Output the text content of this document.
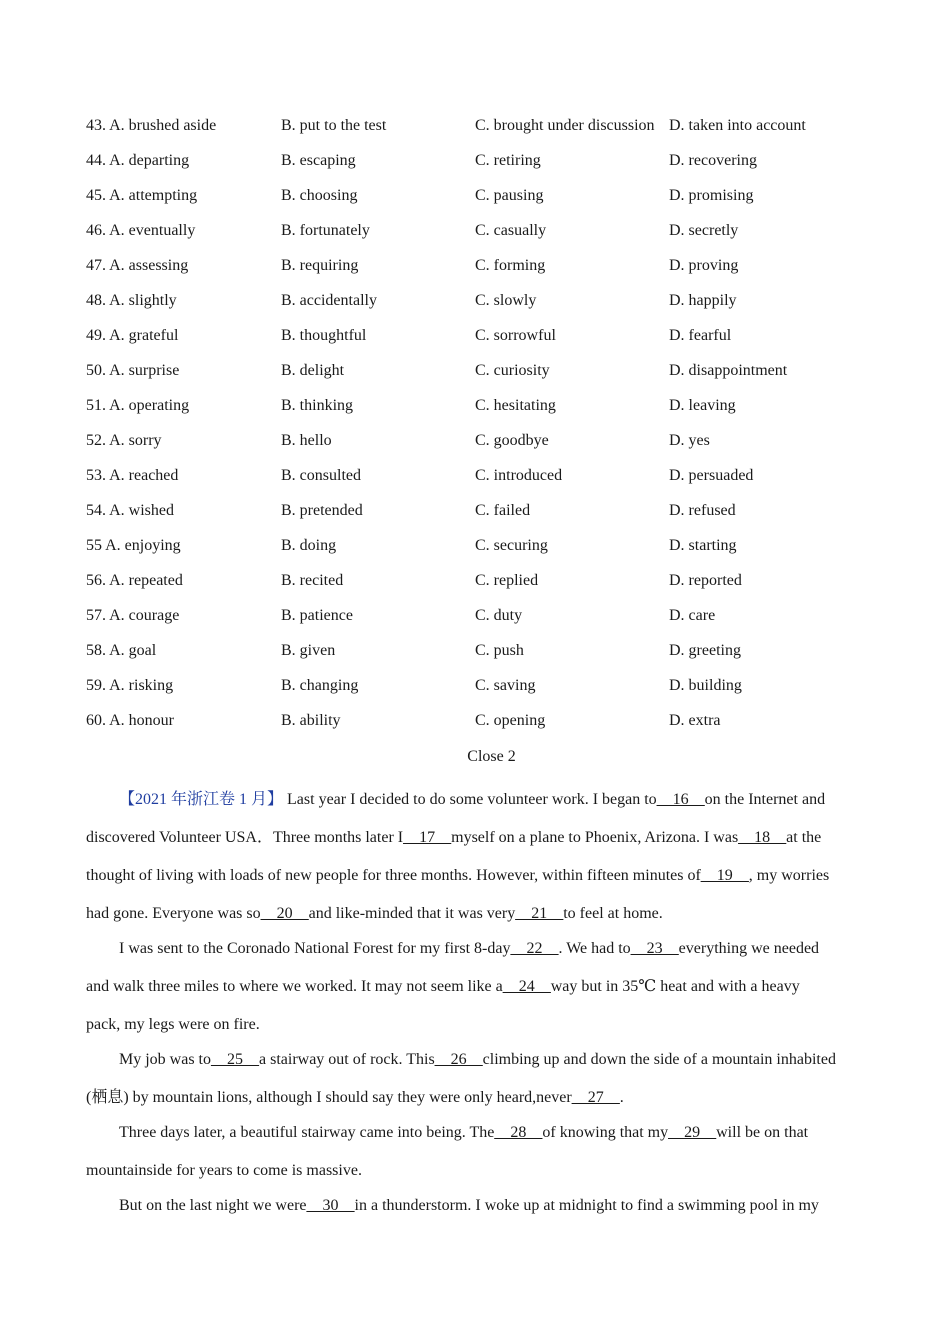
43. A. brushed aside	B. put to the test	C. brought under discussion D. taken into account
44. A. departing	B. escaping	C. retiring	D. recovering
45. A. attempting	B. choosing	C. pausing	D. promising
46. A. eventually	B. fortunately	C. casually	D. secretly
47. A. assessing	B. requiring	C. forming	D. proving
48. A. slightly	B. accidentally	C. slowly	D. happily
49. A. grateful	B. thoughtful	C. sorrowful	D. fearful
50. A. surprise	B. delight	C. curiosity	D. disappointment
51. A. operating	B. thinking	C. hesitating	D. leaving
52. A. sorry	B. hello	C. goodbye	D. yes
53. A. reached	B. consulted	C. introduced	D. persuaded
54. A. wished	B. pretended	C. failed	D. refused
55 A. enjoying	B. doing	C. securing	D. starting
56. A. repeated	B. recited	C. replied	D. reported
57. A. courage	B. patience	C. duty	D. care
58. A. goal	B. given	C. push	D. greeting
59. A. risking	B. changing	C. saving	D. building
60. A. honour	B. ability	C. opening	D. extra
Close 2

【2021 年浙江卷 1 月】 Last year I decided to do some volunteer work. I began to__16__on the Internet and
discovered Volunteer USA．Three months later I__17__myself on a plane to Phoenix, Arizona. I was__18__at the
thought of living with loads of new people for three months. However, within fifteen minutes of__19__, my worries
had gone. Everyone was so__20__and like-minded that it was very__21__to feel at home.

I was sent to the Coronado National Forest for my first 8-day__22__. We had to__23__everything we needed
and walk three miles to where we worked. It may not seem like a__24__way but in 35℃ heat and with a heavy
pack, my legs were on fire.

My job was to__25__a stairway out of rock. This__26__climbing up and down the side of a mountain inhabited
(栖息) by mountain lions, although I should say they were only heard,never__27__.

Three days later, a beautiful stairway came into being. The__28__of knowing that my__29__will be on that
mountainside for years to come is massive.

But on the last night we were__30__in a thunderstorm. I woke up at midnight to find a swimming pool in my
